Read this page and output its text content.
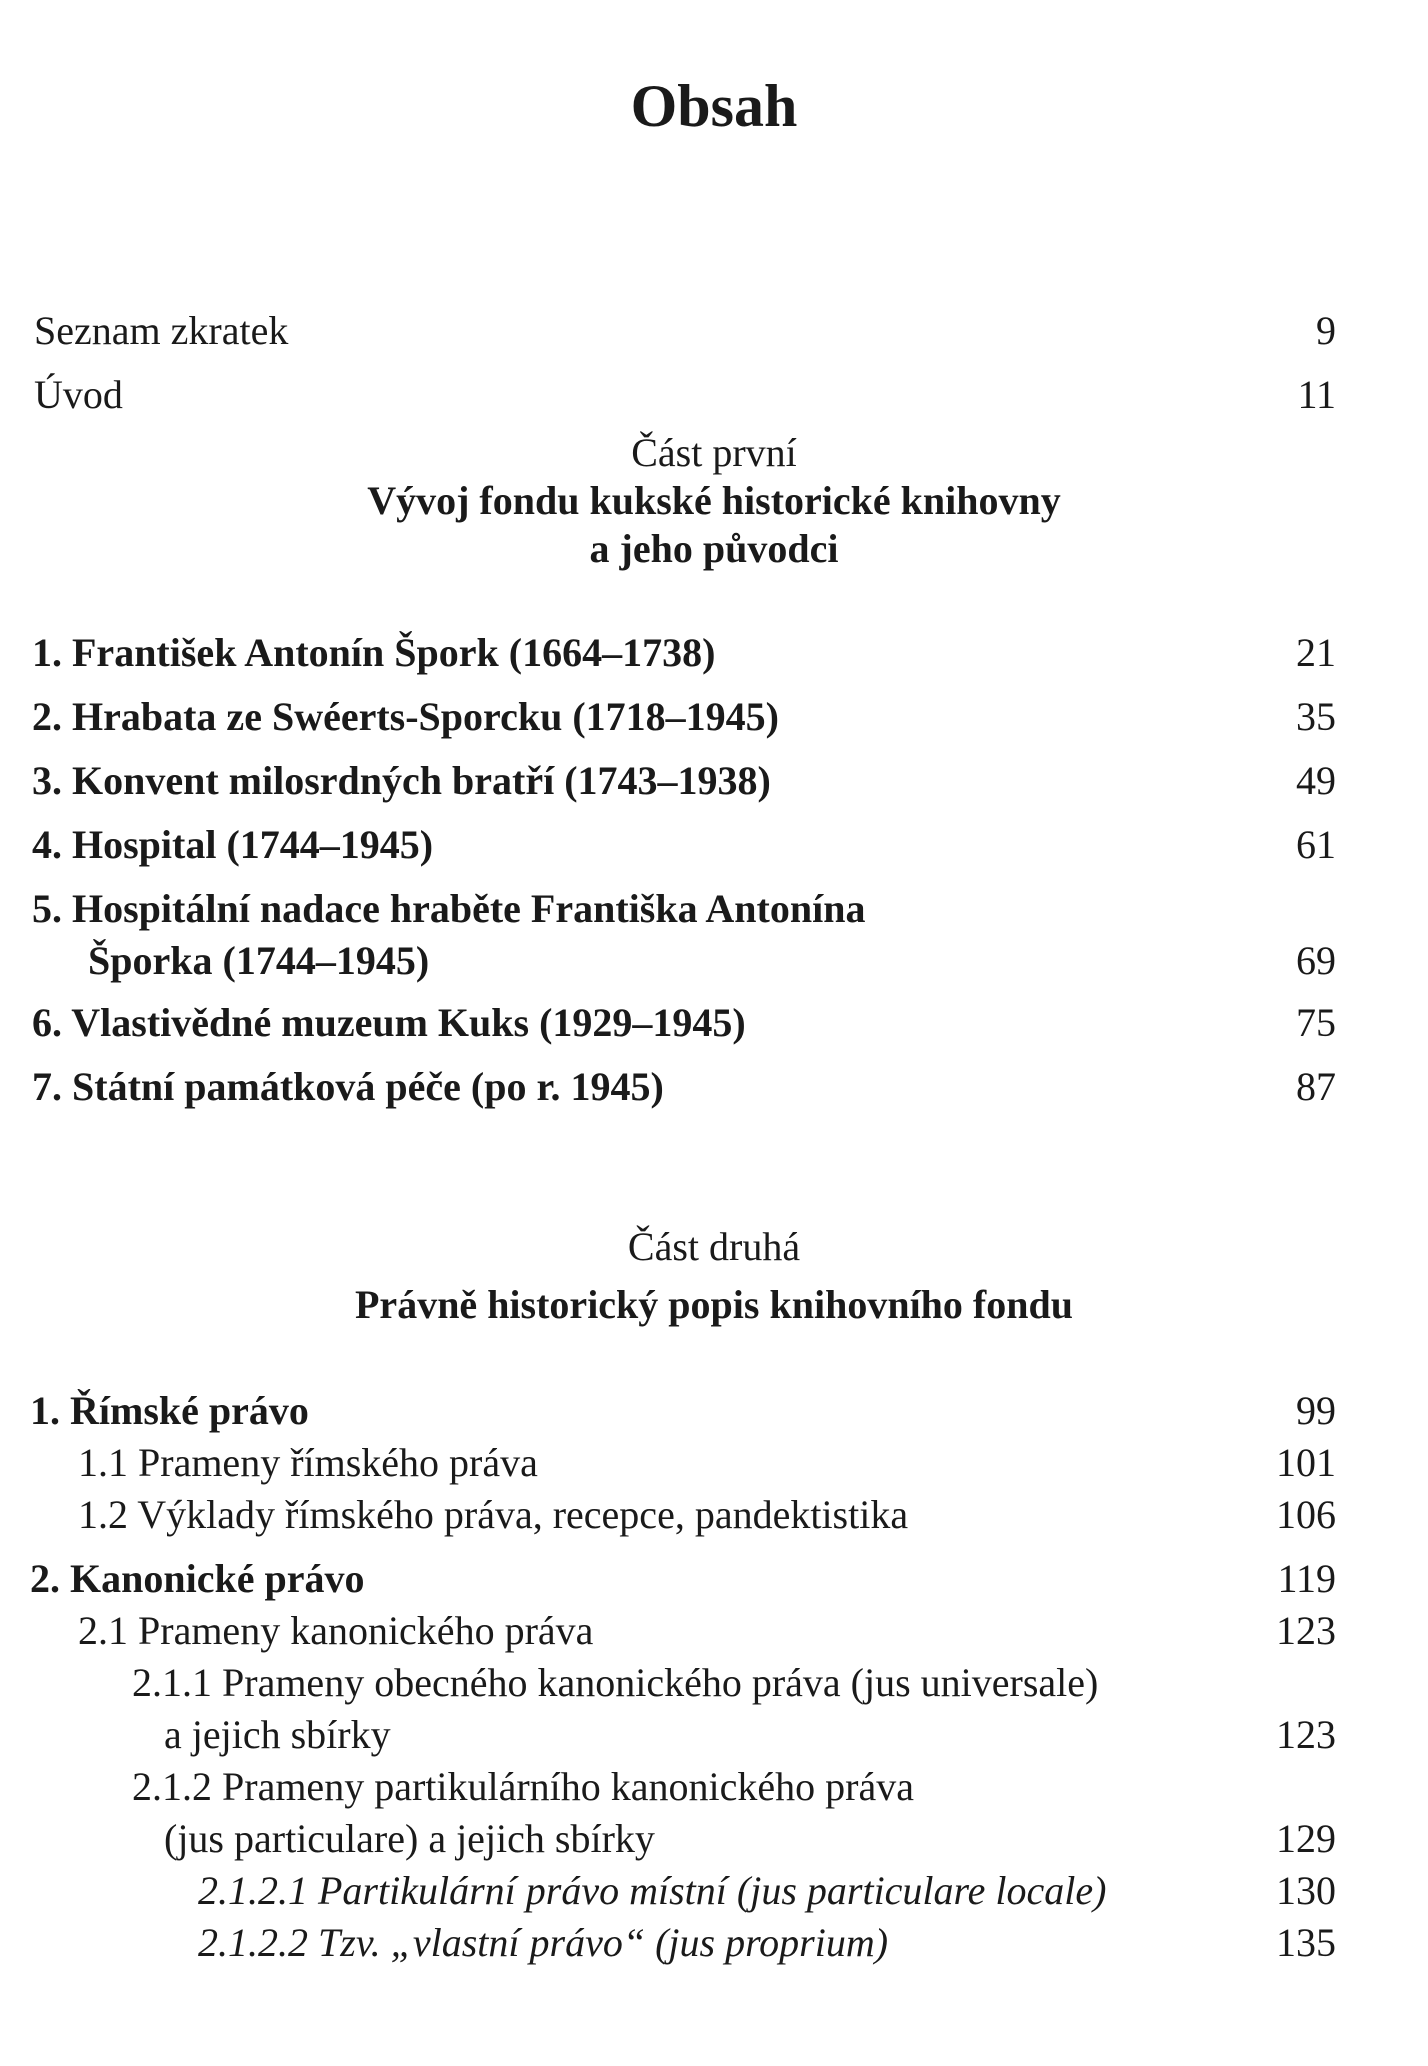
Obsah
Seznam zkratek	9
Úvod	11
Část první
Vývoj fondu kukské historické knihovny
a jeho původci
1. František Antonín Špork (1664–1738)	21
2. Hrabata ze Swéerts-Sporcku (1718–1945)	35
3. Konvent milosrdných bratří (1743–1938)	49
4. Hospital (1744–1945)	61
5. Hospitální nadace hraběte Františka Antonína
Šporka (1744–1945)	69
6. Vlastivědné muzeum Kuks (1929–1945)	75
7. Státní památková péče (po r. 1945)	87
Část druhá
Právně historický popis knihovního fondu
1. Římské právo	99
1.1 Prameny římského práva	101
1.2 Výklady římského práva, recepce, pandektistika	106
2. Kanonické právo	119
2.1 Prameny kanonického práva	123
2.1.1 Prameny obecného kanonického práva (jus universale)
a jejich sbírky	123
2.1.2 Prameny partikulárního kanonického práva
(jus particulare) a jejich sbírky	129
2.1.2.1 Partikulární právo místní (jus particulare locale)	130
2.1.2.2 Tzv. „vlastní právo“ (jus proprium)	135
